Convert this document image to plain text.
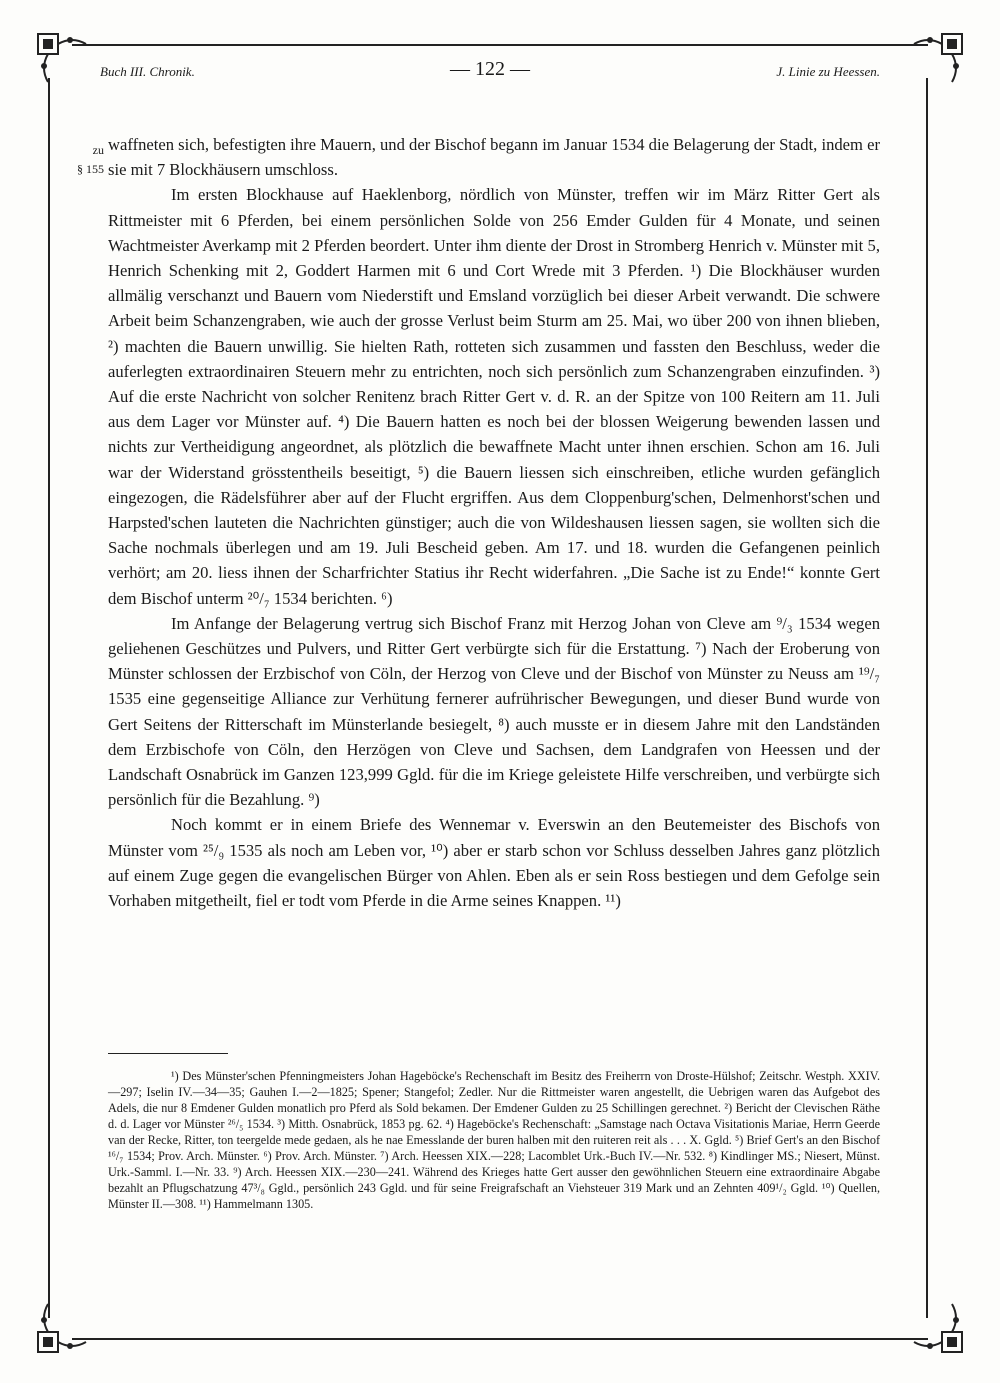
Buch III. Chronik.	— 122 —	J. Linie zu Heessen.
zu
§ 155

waffneten sich, befestigten ihre Mauern, und der Bischof begann im Januar 1534 die Belagerung der Stadt, indem er sie mit 7 Blockhäusern umschloss.

Im ersten Blockhause auf Haeklenborg, nördlich von Münster, treffen wir im März Ritter Gert als Rittmeister mit 6 Pferden, bei einem persönlichen Solde von 256 Emder Gulden für 4 Monate, und seinen Wachtmeister Averkamp mit 2 Pferden beordert. Unter ihm diente der Drost in Stromberg Henrich v. Münster mit 5, Henrich Schenking mit 2, Goddert Harmen mit 6 und Cort Wrede mit 3 Pferden. ¹) Die Blockhäuser wurden allmälig verschanzt und Bauern vom Niederstift und Emsland vorzüglich bei dieser Arbeit verwandt. Die schwere Arbeit beim Schanzengraben, wie auch der grosse Verlust beim Sturm am 25. Mai, wo über 200 von ihnen blieben, ²) machten die Bauern unwillig. Sie hielten Rath, rotteten sich zusammen und fassten den Beschluss, weder die auferlegten extraordinairen Steuern mehr zu entrichten, noch sich persönlich zum Schanzengraben einzufinden. ³) Auf die erste Nachricht von solcher Renitenz brach Ritter Gert v. d. R. an der Spitze von 100 Reitern am 11. Juli aus dem Lager vor Münster auf. ⁴) Die Bauern hatten es noch bei der blossen Weigerung bewenden lassen und nichts zur Vertheidigung angeordnet, als plötzlich die bewaffnete Macht unter ihnen erschien. Schon am 16. Juli war der Widerstand grösstentheils beseitigt, ⁵) die Bauern liessen sich einschreiben, etliche wurden gefänglich eingezogen, die Rädelsführer aber auf der Flucht ergriffen. Aus dem Cloppenburg'schen, Delmenhorst'schen und Harpsted'schen lauteten die Nachrichten günstiger; auch die von Wildeshausen liessen sagen, sie wollten sich die Sache nochmals überlegen und am 19. Juli Bescheid geben. Am 17. und 18. wurden die Gefangenen peinlich verhört; am 20. liess ihnen der Scharfrichter Statius ihr Recht widerfahren. „Die Sache ist zu Ende!“ konnte Gert dem Bischof unterm ²⁰/₇ 1534 berichten. ⁶)

Im Anfange der Belagerung vertrug sich Bischof Franz mit Herzog Johan von Cleve am ⁹/₃ 1534 wegen geliehenen Geschützes und Pulvers, und Ritter Gert verbürgte sich für die Erstattung. ⁷) Nach der Eroberung von Münster schlossen der Erzbischof von Cöln, der Herzog von Cleve und der Bischof von Münster zu Neuss am ¹⁹/₇ 1535 eine gegenseitige Alliance zur Verhütung fernerer aufrührischer Bewegungen, und dieser Bund wurde von Gert Seitens der Ritterschaft im Münsterlande besiegelt, ⁸) auch musste er in diesem Jahre mit den Landständen dem Erzbischofe von Cöln, den Herzögen von Cleve und Sachsen, dem Landgrafen von Heessen und der Landschaft Osnabrück im Ganzen 123,999 Ggld. für die im Kriege geleistete Hilfe verschreiben, und verbürgte sich persönlich für die Bezahlung. ⁹)

Noch kommt er in einem Briefe des Wennemar v. Everswin an den Beutemeister des Bischofs von Münster vom ²⁵/₉ 1535 als noch am Leben vor, ¹⁰) aber er starb schon vor Schluss desselben Jahres ganz plötzlich auf einem Zuge gegen die evangelischen Bürger von Ahlen. Eben als er sein Ross bestiegen und dem Gefolge sein Vorhaben mitgetheilt, fiel er todt vom Pferde in die Arme seines Knappen. ¹¹)

¹) Des Münster'schen Pfenningmeisters Johan Hageböcke's Rechenschaft im Besitz des Freiherrn von Droste-Hülshof; Zeitschr. Westph. XXIV.—297; Iselin IV.—34—35; Gauhen I.—2—1825; Spener; Stangefol; Zedler. Nur die Rittmeister waren angestellt, die Uebrigen waren das Aufgebot des Adels, die nur 8 Emdener Gulden monatlich pro Pferd als Sold bekamen. Der Emdener Gulden zu 25 Schillingen gerechnet. ²) Bericht der Clevischen Räthe d. d. Lager vor Münster ²⁶/₅ 1534. ³) Mitth. Osnabrück, 1853 pg. 62. ⁴) Hageböcke's Rechenschaft: „Samstage nach Octava Visitationis Mariae, Herrn Geerde van der Recke, Ritter, ton teergelde mede gedaen, als he nae Emesslande der buren halben mit den ruiteren reit als . . . X. Ggld. ⁵) Brief Gert's an den Bischof ¹⁶/₇ 1534; Prov. Arch. Münster. ⁶) Prov. Arch. Münster. ⁷) Arch. Heessen XIX.—228; Lacomblet Urk.-Buch IV.—Nr. 532. ⁸) Kindlinger MS.; Niesert, Münst. Urk.-Samml. I.—Nr. 33. ⁹) Arch. Heessen XIX.—230—241. Während des Krieges hatte Gert ausser den gewöhnlichen Steuern eine extraordinaire Abgabe bezahlt an Pflugschatzung 47³/₈ Ggld., persönlich 243 Ggld. und für seine Freigrafschaft an Viehsteuer 319 Mark und an Zehnten 409¹/₂ Ggld. ¹⁰) Quellen, Münster II.—308. ¹¹) Hammelmann 1305.
